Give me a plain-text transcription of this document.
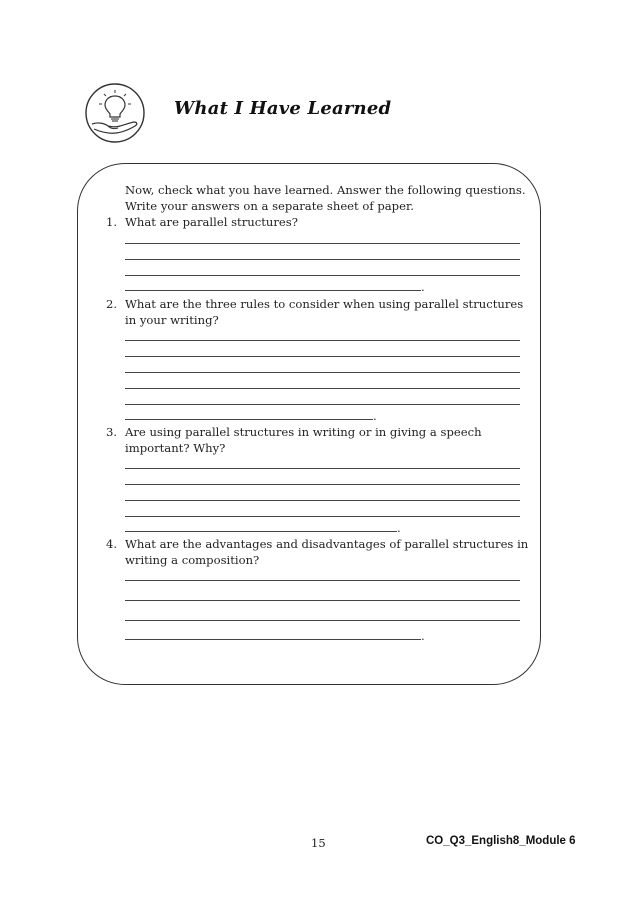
What I Have Learned
Now, check what you have learned. Answer the following questions.
Write your answers on a separate sheet of paper.
1. What are parallel structures?
.
2. What are the three rules to consider when using parallel structures
in your writing?
.
3. Are using parallel structures in writing or in giving a speech
important? Why?
.
4. What are the advantages and disadvantages of parallel structures in
writing a composition?
.
15	CO_Q3_English8_Module 6
